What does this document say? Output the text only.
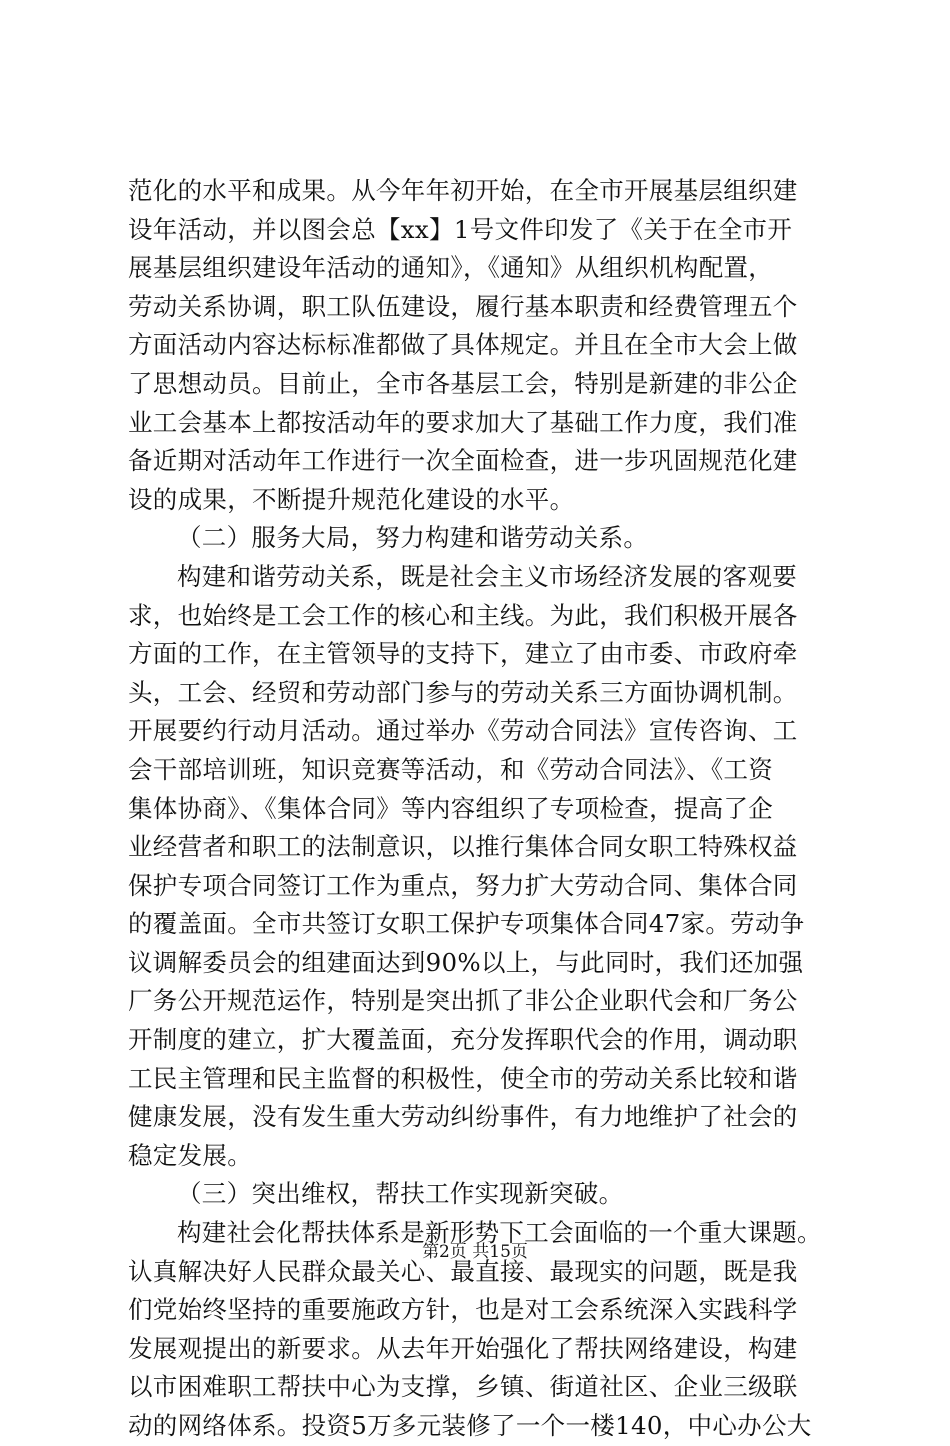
范化的水平和成果。从今年年初开始，在全市开展基层组织建
设年活动，并以图会总【xx】1号文件印发了《关于在全市开
展基层组织建设年活动的通知》，《通知》从组织机构配置，
劳动关系协调，职工队伍建设，履行基本职责和经费管理五个
方面活动内容达标标准都做了具体规定。并且在全市大会上做
了思想动员。目前止，全市各基层工会，特别是新建的非公企
业工会基本上都按活动年的要求加大了基础工作力度，我们准
备近期对活动年工作进行一次全面检查，进一步巩固规范化建
设的成果，不断提升规范化建设的水平。
（二）服务大局，努力构建和谐劳动关系。
构建和谐劳动关系，既是社会主义市场经济发展的客观要
求，也始终是工会工作的核心和主线。为此，我们积极开展各
方面的工作，在主管领导的支持下，建立了由市委、市政府牵
头，工会、经贸和劳动部门参与的劳动关系三方面协调机制。
开展要约行动月活动。通过举办《劳动合同法》宣传咨询、工
会干部培训班，知识竞赛等活动，和《劳动合同法》、《工资
集体协商》、《集体合同》等内容组织了专项检查，提高了企
业经营者和职工的法制意识，以推行集体合同女职工特殊权益
保护专项合同签订工作为重点，努力扩大劳动合同、集体合同
的覆盖面。全市共签订女职工保护专项集体合同47家。劳动争
议调解委员会的组建面达到90%以上，与此同时，我们还加强
厂务公开规范运作，特别是突出抓了非公企业职代会和厂务公
开制度的建立，扩大覆盖面，充分发挥职代会的作用，调动职
工民主管理和民主监督的积极性，使全市的劳动关系比较和谐
健康发展，没有发生重大劳动纠纷事件，有力地维护了社会的
稳定发展。
（三）突出维权，帮扶工作实现新突破。
构建社会化帮扶体系是新形势下工会面临的一个重大课题。
认真解决好人民群众最关心、最直接、最现实的问题，既是我
们党始终坚持的重要施政方针，也是对工会系统深入实践科学
发展观提出的新要求。从去年开始强化了帮扶网络建设，构建
以市困难职工帮扶中心为支撑，乡镇、街道社区、企业三级联
动的网络体系。投资5万多元装修了一个一楼140，中心办公大
第2页 共15页
